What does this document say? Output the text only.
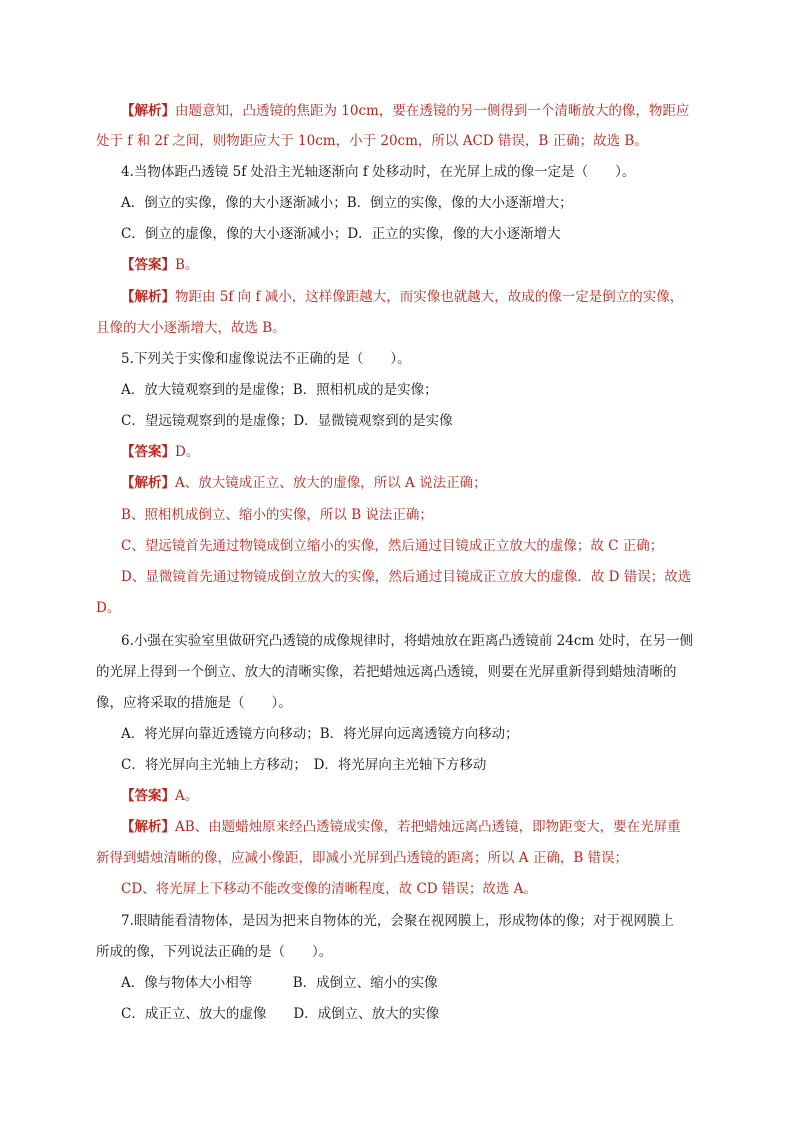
【解析】由题意知，凸透镜的焦距为 10cm，要在透镜的另一侧得到一个清晰放大的像，物距应
处于 f 和 2f 之间，则物距应大于 10cm，小于 20cm，所以 ACD 错误，B 正确；故选 B。
4.当物体距凸透镜 5f 处沿主光轴逐渐向 f 处移动时，在光屏上成的像一定是（　　）。
A．倒立的实像，像的大小逐渐减小；B．倒立的实像，像的大小逐渐增大；
C．倒立的虚像，像的大小逐渐减小；D．正立的实像，像的大小逐渐增大
【答案】B。
【解析】物距由 5f 向 f 减小，这样像距越大，而实像也就越大，故成的像一定是倒立的实像，
且像的大小逐渐增大，故选 B。
5.下列关于实像和虚像说法不正确的是（　　）。
A．放大镜观察到的是虚像；B．照相机成的是实像；
C．望远镜观察到的是虚像；D．显微镜观察到的是实像
【答案】D。
【解析】A、放大镜成正立、放大的虚像，所以 A 说法正确；
B、照相机成倒立、缩小的实像，所以 B 说法正确；
C、望远镜首先通过物镜成倒立缩小的实像，然后通过目镜成正立放大的虚像；故 C 正确；
D、显微镜首先通过物镜成倒立放大的实像，然后通过目镜成正立放大的虚像．故 D 错误；故选
D。
6.小强在实验室里做研究凸透镜的成像规律时，将蜡烛放在距离凸透镜前 24cm 处时，在另一侧
的光屏上得到一个倒立、放大的清晰实像，若把蜡烛远离凸透镜，则要在光屏重新得到蜡烛清晰的
像，应将采取的措施是（　　）。
A．将光屏向靠近透镜方向移动；B．将光屏向远离透镜方向移动；
C．将光屏向主光轴上方移动；　D．将光屏向主光轴下方移动
【答案】A。
【解析】AB、由题蜡烛原来经凸透镜成实像，若把蜡烛远离凸透镜，即物距变大，要在光屏重
新得到蜡烛清晰的像，应减小像距，即减小光屏到凸透镜的距离；所以 A 正确，B 错误；
CD、将光屏上下移动不能改变像的清晰程度，故 CD 错误；故选 A。
7.眼睛能看清物体，是因为把来自物体的光，会聚在视网膜上，形成物体的像；对于视网膜上
所成的像，下列说法正确的是（　　）。
A．像与物体大小相等　　　B．成倒立、缩小的实像
C．成正立、放大的虚像　　D．成倒立、放大的实像
